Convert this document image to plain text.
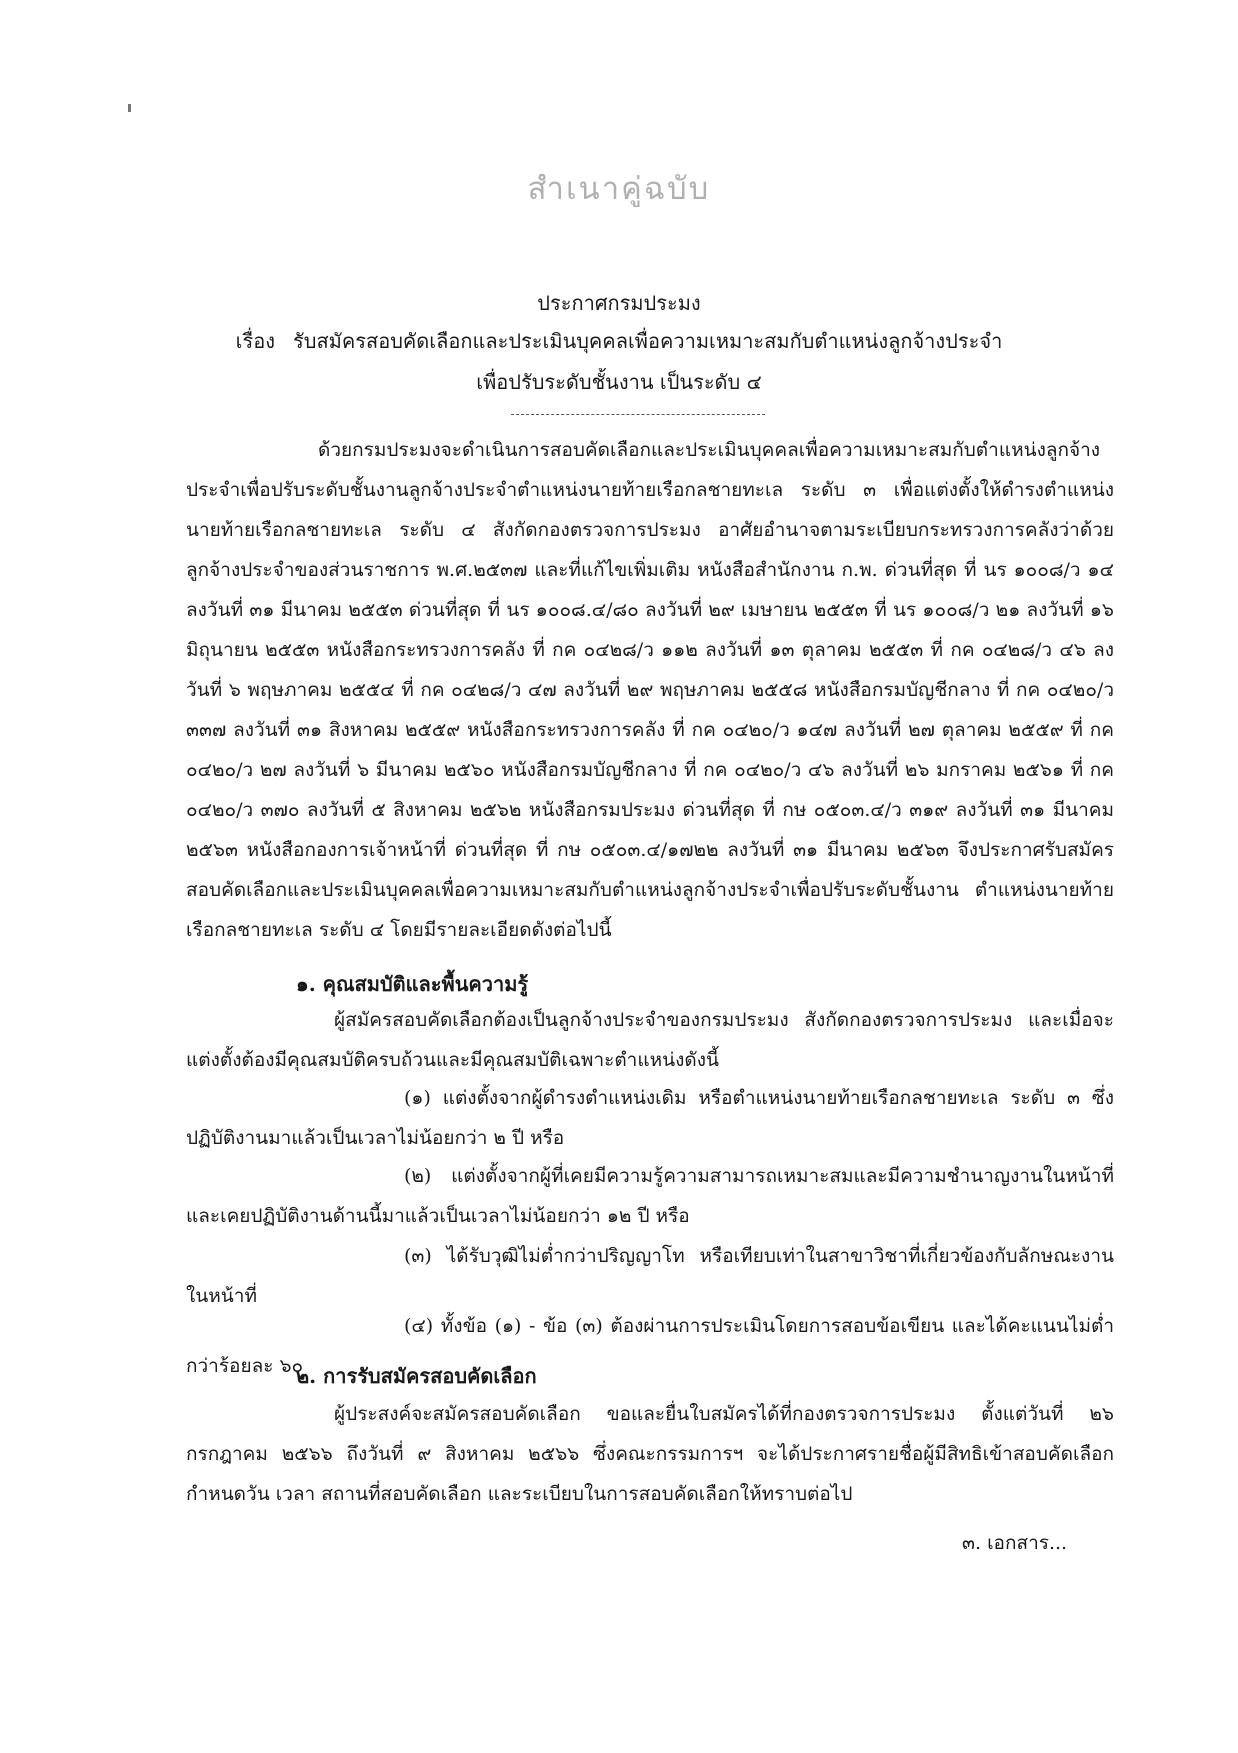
สำเนาคู่ฉบับ
ประกาศกรมประมง
เรื่อง รับสมัครสอบคัดเลือกและประเมินบุคคลเพื่อความเหมาะสมกับตำแหน่งลูกจ้างประจำ
เพื่อปรับระดับชั้นงาน เป็นระดับ ๔

ด้วยกรมประมงจะดำเนินการสอบคัดเลือกและประเมินบุคคลเพื่อความเหมาะสมกับตำแหน่งลูกจ้างประจำเพื่อปรับระดับชั้นงานลูกจ้างประจำตำแหน่งนายท้ายเรือกลชายทะเล ระดับ ๓ เพื่อแต่งตั้งให้ดำรงตำแหน่งนายท้ายเรือกลชายทะเล ระดับ ๔ สังกัดกองตรวจการประมง อาศัยอำนาจตามระเบียบกระทรวงการคลังว่าด้วยลูกจ้างประจำของส่วนราชการ พ.ศ.๒๕๓๗ และที่แก้ไขเพิ่มเติม หนังสือสำนักงาน ก.พ. ด่วนที่สุด ที่ นร ๑๐๐๘/ว ๑๔ ลงวันที่ ๓๑ มีนาคม ๒๕๕๓ ด่วนที่สุด ที่ นร ๑๐๐๘.๔/๘๐ ลงวันที่ ๒๙ เมษายน ๒๕๕๓ ที่ นร ๑๐๐๘/ว ๒๑ ลงวันที่ ๑๖ มิถุนายน ๒๕๕๓ หนังสือกระทรวงการคลัง ที่ กค ๐๔๒๘/ว ๑๑๒ ลงวันที่ ๑๓ ตุลาคม ๒๕๕๓ ที่ กค ๐๔๒๘/ว ๔๖ ลงวันที่ ๖ พฤษภาคม ๒๕๕๔ ที่ กค ๐๔๒๘/ว ๔๗ ลงวันที่ ๒๙ พฤษภาคม ๒๕๕๘ หนังสือกรมบัญชีกลาง ที่ กค ๐๔๒๐/ว ๓๓๗ ลงวันที่ ๓๑ สิงหาคม ๒๕๕๙ หนังสือกระทรวงการคลัง ที่ กค ๐๔๒๐/ว ๑๔๗ ลงวันที่ ๒๗ ตุลาคม ๒๕๕๙ ที่ กค ๐๔๒๐/ว ๒๗ ลงวันที่ ๖ มีนาคม ๒๕๖๐ หนังสือกรมบัญชีกลาง ที่ กค ๐๔๒๐/ว ๔๖ ลงวันที่ ๒๖ มกราคม ๒๕๖๑ ที่ กค ๐๔๒๐/ว ๓๗๐ ลงวันที่ ๕ สิงหาคม ๒๕๖๒ หนังสือกรมประมง ด่วนที่สุด ที่ กษ ๐๕๐๓.๔/ว ๓๑๙ ลงวันที่ ๓๑ มีนาคม ๒๕๖๓ หนังสือกองการเจ้าหน้าที่ ด่วนที่สุด ที่ กษ ๐๕๐๓.๔/๑๗๒๒ ลงวันที่ ๓๑ มีนาคม ๒๕๖๓ จึงประกาศรับสมัครสอบคัดเลือกและประเมินบุคคลเพื่อความเหมาะสมกับตำแหน่งลูกจ้างประจำเพื่อปรับระดับชั้นงาน ตำแหน่งนายท้ายเรือกลชายทะเล ระดับ ๔ โดยมีรายละเอียดดังต่อไปนี้

๑. คุณสมบัติและพื้นความรู้

ผู้สมัครสอบคัดเลือกต้องเป็นลูกจ้างประจำของกรมประมง สังกัดกองตรวจการประมง และเมื่อจะแต่งตั้งต้องมีคุณสมบัติครบถ้วนและมีคุณสมบัติเฉพาะตำแหน่งดังนี้

(๑) แต่งตั้งจากผู้ดำรงตำแหน่งเดิม หรือตำแหน่งนายท้ายเรือกลชายทะเล ระดับ ๓ ซึ่งปฏิบัติงานมาแล้วเป็นเวลาไม่น้อยกว่า ๒ ปี หรือ

(๒) แต่งตั้งจากผู้ที่เคยมีความรู้ความสามารถเหมาะสมและมีความชำนาญงานในหน้าที่และเคยปฏิบัติงานด้านนี้มาแล้วเป็นเวลาไม่น้อยกว่า ๑๒ ปี หรือ

(๓) ได้รับวุฒิไม่ต่ำกว่าปริญญาโท หรือเทียบเท่าในสาขาวิชาที่เกี่ยวข้องกับลักษณะงานในหน้าที่

(๔) ทั้งข้อ (๑) - ข้อ (๓) ต้องผ่านการประเมินโดยการสอบข้อเขียน และได้คะแนนไม่ต่ำกว่าร้อยละ ๖๐

๒. การรับสมัครสอบคัดเลือก

ผู้ประสงค์จะสมัครสอบคัดเลือก ขอและยื่นใบสมัครได้ที่กองตรวจการประมง ตั้งแต่วันที่ ๒๖ กรกฎาคม ๒๕๖๖ ถึงวันที่ ๙ สิงหาคม ๒๕๖๖ ซึ่งคณะกรรมการฯ จะได้ประกาศรายชื่อผู้มีสิทธิเข้าสอบคัดเลือก กำหนดวัน เวลา สถานที่สอบคัดเลือก และระเบียบในการสอบคัดเลือกให้ทราบต่อไป

๓. เอกสาร...
